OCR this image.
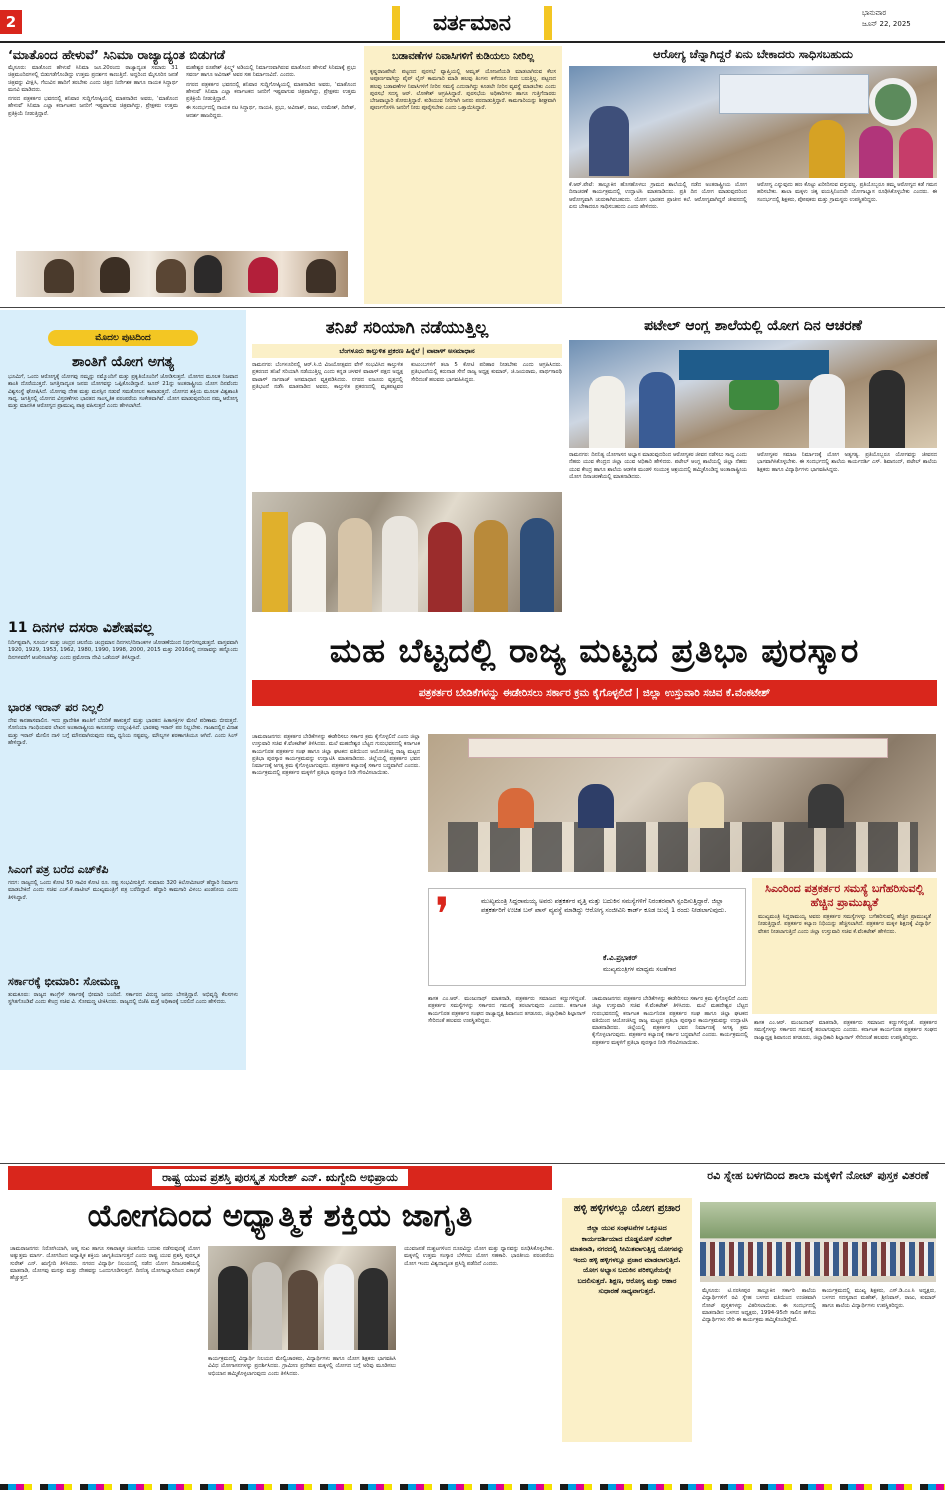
2	ವರ್ತಮಾನ	ಭಾನುವಾರ
ಜೂನ್ 22, 2025
‘ಮಾತೊಂದ ಹೇಳುವೆ’ ಸಿನಿಮಾ ರಾಜ್ಯಾದ್ಯಂತ ಬಿಡುಗಡೆ

ಮೈಸೂರು: ಮಾತೊಂದ ಹೇಳುವೆ ಸಿನಿಮಾ ಜೂ.20ರಂದು ರಾಜ್ಯಾದ್ಯಂತ ಸಮಾರು 31 ಚಿತ್ರಮಂದಿರಗಳಲ್ಲಿ ಬಿಡುಗಡೆಗೊಂಡಿದ್ದು ಉತ್ತಮ ಪ್ರದರ್ಶನ ಕಾಣುತ್ತಿದೆ. ಅದ್ದರಿಂದ ಮೈಸೂರಿನ ಜನತೆ ಚಿತ್ರವನ್ನು ವೀಕ್ಷಿಸಿ, ಗೆಲುವಿನ ಹಾದಿಗೆ ತರಬೇಕು ಎಂದು ಚಿತ್ರದ ನಿರ್ದೇಶಕ ಹಾಗೂ ನಾಯಕ ಸಿದ್ಧಾರ್ಥ ಮನವಿ ಮಾಡಿದರು.

ನಗರದ ಪತ್ರಕರ್ತರ ಭವನದಲ್ಲಿ ಶನಿವಾರ ಸುದ್ದಿಗೋಷ್ಠಿಯಲ್ಲಿ ಮಾತನಾಡಿದ ಅವರು, ‘ಮಾತೊಂದ ಹೇಳುವೆ’ ಸಿನಿಮಾ ಎಲ್ಲಾ ಕರ್ನಾಟಕದ ಜನರಿಗೆ ಇಷ್ಟವಾಗುವ ಚಿತ್ರವಾಗಿದ್ದು, ಪ್ರೇಕ್ಷಕರು ಉತ್ತಮ ಪ್ರತಿಕ್ರಿಯೆ ನೀಡುತ್ತಿದ್ದಾರೆ.

ಮಹೇಶ್ವರ ರೂಪೇಶ್ ಫಿಲ್ಮ್ಸ್ ಅಡಿಯಲ್ಲಿ ನಿರ್ಮಾಣವಾಗಿರುವ ಮಾತೊಂದ ಹೇಳುವೆ ಸಿನಿಮಾಕ್ಕೆ ಪ್ರಭು ಸವರ್ಣ ಹಾಗೂ ಅವಿನಾಶ್ ಅವರ ಸಹ ನಿರ್ಮಾಣವಿದೆ. ಎಂದರು.

ನಗರದ ಪತ್ರಕರ್ತರ ಭವನದಲ್ಲಿ ಶನಿವಾರ ಸುದ್ದಿಗೋಷ್ಠಿಯಲ್ಲಿ ಮಾತನಾಡಿದ ಅವರು, ‘ಮಾತೊಂದ ಹೇಳುವೆ’ ಸಿನಿಮಾ ಎಲ್ಲಾ ಕರ್ನಾಟಕದ ಜನರಿಗೆ ಇಷ್ಟವಾಗುವ ಚಿತ್ರವಾಗಿದ್ದು, ಪ್ರೇಕ್ಷಕರು ಉತ್ತಮ ಪ್ರತಿಕ್ರಿಯೆ ನೀಡುತ್ತಿದ್ದಾರೆ.

ಈ ಸಂದರ್ಭದಲ್ಲಿ ನಾಯಕ ನಟ ಸಿದ್ಧಾರ್ಥ, ನಾಯಕಿ, ಪ್ರಭು, ಅವಿನಾಶ್, ರಾಜು, ಉಮೇಶ್, ದಿನೇಶ್, ಆದರ್ಶ ಹಾಜರಿದ್ದರು.

ಬಡಾವಣೆಗಳ ನಿವಾಸಿಗಳಿಗೆ ಕುಡಿಯಲು ನೀರಿಲ್ಲ
ಕೃಷ್ಣರಾಜಪೇಟೆ: ಪಟ್ಟಣದ ಪುರಸಭೆ ವ್ಯಾಪ್ತಿಯಲ್ಲಿ ಅಮೃತ್ ಯೋಜನೆಯಡಿ ಮಾಡಲಾಗಿರುವ ಕೆಲಸ ಅಪೂರ್ಣವಾಗಿದ್ದು ಪೈಪ್ ಲೈನ್ ಕಾಮಗಾರಿ ಮಾಡಿ ಹಲವು ತಿಂಗಳು ಕಳೆದರೂ ನೀರು ಬರುತ್ತಿಲ್ಲ. ಪಟ್ಟಣದ ಹಲವು ಬಡಾವಣೆಗಳ ನಿವಾಸಿಗಳಿಗೆ ನೀರಿನ ಸಮಸ್ಯೆ ಎದುರಾಗಿದ್ದು ಕೂಡಲೇ ನೀರಿನ ವ್ಯವಸ್ಥೆ ಮಾಡಬೇಕು ಎಂದು ಪುರಸಭೆ ಸದಸ್ಯ ಆರ್. ಲೋಕೇಶ್ ಆಗ್ರಹಿಸಿದ್ದಾರೆ. ಪುರಸಭೆಯ ಅಧಿಕಾರಿಗಳು ಹಾಗೂ ಗುತ್ತಿಗೆದಾರರು ಬೇಜವಾಬ್ದಾರಿ ತೋರುತ್ತಿದ್ದಾರೆ. ಕುಡಿಯುವ ನೀರಿಗಾಗಿ ಜನರು ಪರದಾಡುತ್ತಿದ್ದಾರೆ. ಕಾಮಗಾರಿಯನ್ನು ಶೀಘ್ರವಾಗಿ ಪೂರ್ಣಗೊಳಿಸಿ ಜನರಿಗೆ ನೀರು ಪೂರೈಸಬೇಕು ಎಂದು ಒತ್ತಾಯಿಸಿದ್ದಾರೆ.
ಆರೋಗ್ಯ ಚೆನ್ನಾಗಿದ್ದರೆ ಏನು ಬೇಕಾದರು ಸಾಧಿಸಬಹುದು
ಕೆ.ಆರ್.ಪೇಟೆ: ತಾಲ್ಲೂಕಿನ ಹೊಸಹೊಳಲು ಗ್ರಾಮದ ಶಾಲೆಯಲ್ಲಿ ನಡೆದ ಅಂತರಾಷ್ಟ್ರೀಯ ಯೋಗ ದಿನಾಚರಣೆ ಕಾರ್ಯಕ್ರಮದಲ್ಲಿ ಉದ್ಘಾಟಿಸಿ ಮಾತನಾಡಿದರು. ಪ್ರತಿ ದಿನ ಯೋಗ ಮಾಡುವುದರಿಂದ ಆರೋಗ್ಯವಾಗಿ ಚುರುಕಾಗಿರಬಹುದು. ಯೋಗ ಭಾರತದ ಪ್ರಾಚೀನ ಕಲೆ. ಆರೋಗ್ಯವಾಗಿದ್ದರೆ ಜೀವನದಲ್ಲಿ ಏನು ಬೇಕಾದರೂ ಸಾಧಿಸಬಹುದು ಎಂದು ಹೇಳಿದರು.
ಆರೋಗ್ಯ ಎನ್ನುವುದು ಹಣ ಕೊಟ್ಟು ಖರೀದಿಸುವ ವಸ್ತುವಲ್ಲ. ಪ್ರತಿಯೊಬ್ಬರೂ ತಮ್ಮ ಆರೋಗ್ಯದ ಕಡೆ ಗಮನ ಹರಿಸಬೇಕು. ಶಾಲಾ ಮಕ್ಕಳು ಚಿಕ್ಕ ವಯಸ್ಸಿನಿಂದಲೇ ಯೋಗಾಭ್ಯಾಸ ರೂಢಿಸಿಕೊಳ್ಳಬೇಕು ಎಂದರು. ಈ ಸಂದರ್ಭದಲ್ಲಿ ಶಿಕ್ಷಕರು, ಪೋಷಕರು ಮತ್ತು ಗ್ರಾಮಸ್ಥರು ಉಪಸ್ಥಿತರಿದ್ದರು.
ಮೊದಲ ಪುಟದಿಂದ
ಶಾಂತಿಗೆ ಯೋಗ ಅಗತ್ಯ
ಭೂಮಿಗೆ, ಒಂದು ಆರೋಗ್ಯಕ್ಕೆ ಯೋಗವು ನಮ್ಮನ್ನು ನಮ್ಮೊಂದಿಗೆ ಮತ್ತು ಪ್ರಕೃತಿಯೊಂದಿಗೆ ಜೋಡಿಸುತ್ತದೆ. ಯೋಗದ ಮೂಲಕ ನಿಜವಾದ ಶಾಂತಿ ದೊರೆಯುತ್ತದೆ. ಜಗತ್ತಿನಾದ್ಯಂತ ಜನರು ಯೋಗವನ್ನು ಒಪ್ಪಿಕೊಂಡಿದ್ದಾರೆ. ಜೂನ್ 21ನ್ನು ಅಂತರಾಷ್ಟ್ರೀಯ ಯೋಗ ದಿನವೆಂದು ವಿಶ್ವಸಂಸ್ಥೆ ಘೋಷಿಸಿದೆ. ಯೋಗವು ದೇಹ ಮತ್ತು ಮನಸ್ಸಿನ ನಡುವೆ ಸಮತೋಲನ ಕಾಪಾಡುತ್ತದೆ. ಯೋಗದ ಶಕ್ತಿಯ ಮೂಲಕ ವಿಶ್ವಶಾಂತಿ ಸಾಧ್ಯ. ಜಗತ್ತಿನಲ್ಲಿ ಯೋಗದ ವಿಸ್ತರಣೆಗಳು ಭಾರತದ ಸಾಂಸ್ಕೃತಿಕ ಪರಂಪರೆಯ ಸಂಕೇತವಾಗಿವೆ. ಯೋಗ ಮಾಡುವುದರಿಂದ ನಮ್ಮ ಆರೋಗ್ಯ ಮತ್ತು ಮಾನಸಿಕ ಆರೋಗ್ಯದ ಪ್ರಾಮುಖ್ಯ ಪಾತ್ರ ವಹಿಸುತ್ತದೆ ಎಂದು ಹೇಳಲಾಗಿದೆ.
11 ದಿನಗಳ ದಸರಾ ವಿಶೇಷವಲ್ಲ
ನಿರ್ದಿಷ್ಟವಾಗಿ, ಸೂರ್ಯ ಮತ್ತು ಚಂದ್ರನ ಚಲನೆಯ ಚಂದ್ರಮಾನ ದಿನಗಳು/ದಿನಾಂಕಗಳ ಜೋಡಣೆಯಿಂದ ನಿರ್ಧರಿಸಲ್ಪಡುತ್ತದೆ. ವಾಸ್ತವವಾಗಿ 1920, 1929, 1953, 1962, 1980, 1990, 1998, 2000, 2015 ಮತ್ತು 2016ರಲ್ಲಿ ದಸರಾವನ್ನು ಹನ್ನೊಂದು ದಿನಗಳವರೆಗೆ ಆಚರಿಸಲಾಗಿತ್ತು ಎಂದು ಪ್ರಮೋದಾ ದೇವಿ ಒಡೆಯರ್ ತಿಳಿಸಿದ್ದಾರೆ.
ಭಾರತ ಇರಾನ್ ಪರ ನಿಲ್ಲಲಿ
ದೇವ ಕಾನಹಾಸವಾಲಿನ. ಇದು ಪ್ರಾದೇಶಿಕ ಶಾಂತಿಗೆ ಬೆದರಿಕೆ ಹಾಕುತ್ತದೆ ಮತ್ತು ಭಾರತದ ಹಿತಾಸಕ್ತಿಗಳ ಮೇಲೆ ಪರಿಣಾಮ ಬೀರುತ್ತದೆ. ಸೋನಿಯಾ ಗಾಂಧಿಯವರ ಲೇಖನ ಅಂತಾರಾಷ್ಟ್ರೀಯ ಕಾನೂನನ್ನು ಉಲ್ಲಂಘಿಸಿದೆ. ಭಾರತವು ಇರಾನ್ ಪರ ನಿಲ್ಲಬೇಕು. ಗಾಜಾದಲ್ಲಿನ ವಿನಾಶ ಮತ್ತು ಇರಾನ್ ಮೇಲಿನ ದಾಳಿ ಬಗ್ಗೆ ಮೌನವಾಗಿರುವುದು ನಮ್ಮ ಧ್ವನಿಯ ನಷ್ಟವಲ್ಲ, ಮೌಲ್ಯಗಳ ಶರಣಾಗತಿಯೂ ಆಗಿದೆ. ಎಂದು ಸಿಂಗ್ ಹೇಳಿದ್ದಾರೆ.
ಸಿಎಂಗೆ ಪತ್ರ ಬರೆದ ಎಚ್‌ಕೆಪಿ
ಗದಗ: ರಾಜ್ಯದಲ್ಲಿ ಒಂದು ಕೋಟಿ 50 ಸಾವಿರ ಕೋಟಿ ರೂ. ನಷ್ಟ ಸಂಭವಿಸುತ್ತಿದೆ. ಸುಮಾರು 320 ಕಿಲೋಮೀಟರ್ ಹೆದ್ದಾರಿ ನಿರ್ಮಾಣ ಮಾಡಬೇಕಿದೆ ಎಂದು ಸಚಿವ ಎಚ್.ಕೆ.ಪಾಟೀಲ್ ಮುಖ್ಯಮಂತ್ರಿಗೆ ಪತ್ರ ಬರೆದಿದ್ದಾರೆ. ಹೆದ್ದಾರಿ ಕಾಮಗಾರಿ ವಿಳಂಬ ಖಂಡನೀಯ ಎಂದು ತಿಳಿಸಿದ್ದಾರೆ.
ಸರ್ಕಾರಕ್ಕೆ ಭೀಮಾರಿ: ಸೋಮಣ್ಣ
ತುಮಕೂರು: ರಾಜ್ಯದ ಕಾಂಗ್ರೆಸ್ ಸರ್ಕಾರಕ್ಕೆ ಭೀಮಾರಿ ಬಂದಿದೆ. ಸರ್ಕಾರದ ವಿರುದ್ಧ ಜನರು ಬೇಸತ್ತಿದ್ದಾರೆ. ಅಭಿವೃದ್ಧಿ ಕೆಲಸಗಳು ಸ್ಥಗಿತಗೊಂಡಿವೆ ಎಂದು ಕೇಂದ್ರ ಸಚಿವ ವಿ. ಸೋಮಣ್ಣ ಟೀಕಿಸಿದರು. ರಾಜ್ಯದಲ್ಲಿ ಬಿಜೆಪಿ ಮತ್ತೆ ಅಧಿಕಾರಕ್ಕೆ ಬರಲಿದೆ ಎಂದು ಹೇಳಿದರು.
ತನಿಖೆ ಸರಿಯಾಗಿ ನಡೆಯುತ್ತಿಲ್ಲ
ಬೆಂಗಳೂರು ಕಾಲ್ತುಳಿತ ಪ್ರಕರಣ ಹಿನ್ನೆಲೆ | ವಾಟಾಳ್ ಅಸಮಾಧಾನ
ರಾಮನಗರ: ಬೆಂಗಳೂರಿನಲ್ಲಿ ಆರ್.ಸಿ.ಬಿ ವಿಜಯೋತ್ಸವದ ವೇಳೆ ಸಂಭವಿಸಿದ ಕಾಲ್ತುಳಿತ ಪ್ರಕರಣದ ತನಿಖೆ ಸರಿಯಾಗಿ ನಡೆಯುತ್ತಿಲ್ಲ ಎಂದು ಕನ್ನಡ ಚಳವಳಿ ವಾಟಾಳ್ ಪಕ್ಷದ ಅಧ್ಯಕ್ಷ ವಾಟಾಳ್ ನಾಗರಾಜ್ ಅಸಮಾಧಾನ ವ್ಯಕ್ತಪಡಿಸಿದರು. ನಗರದ ಐಜೂರು ವೃತ್ತದಲ್ಲಿ ಪ್ರತಿಭಟನೆ ನಡೆಸಿ ಮಾತನಾಡಿದ ಅವರು, ಕಾಲ್ತುಳಿತ ಪ್ರಕರಣದಲ್ಲಿ ಮೃತಪಟ್ಟವರ ಕುಟುಂಬಗಳಿಗೆ ತಲಾ 5 ಕೋಟಿ ಪರಿಹಾರ ನೀಡಬೇಕು ಎಂದು ಆಗ್ರಹಿಸಿದರು. ಪ್ರತಿಭಟನೆಯಲ್ಲಿ ಕರುನಾಡ ಸೇನೆ ರಾಜ್ಯ ಅಧ್ಯಕ್ಷ ಕುಮಾರ್, ಜಿ.ಜಯರಾಮ, ಪಾರ್ಥಸಾರಥಿ ಸೇರಿದಂತೆ ಹಲವರು ಭಾಗವಹಿಸಿದ್ದರು.
ಪಟೇಲ್ ಆಂಗ್ಲ ಶಾಲೆಯಲ್ಲಿ ಯೋಗ ದಿನ ಆಚರಣೆ
ರಾಮನಗರ: ದಿನನಿತ್ಯ ಯೋಗಾಸನ ಅಭ್ಯಾಸ ಮಾಡುವುದರಿಂದ ಆರೋಗ್ಯಕರ ಜೀವನ ನಡೆಸಲು ಸಾಧ್ಯ ಎಂದು ನೆಹರು ಯುವ ಕೇಂದ್ರದ ಜಿಲ್ಲಾ ಯುವ ಅಧಿಕಾರಿ ಹೇಳಿದರು. ಪಟೇಲ್ ಆಂಗ್ಲ ಶಾಲೆಯಲ್ಲಿ ಜಿಲ್ಲಾ ನೆಹರು ಯುವ ಕೇಂದ್ರ ಹಾಗೂ ಶಾಲೆಯ ಆಡಳಿತ ಮಂಡಳಿ ಸಂಯುಕ್ತ ಆಶ್ರಯದಲ್ಲಿ ಹಮ್ಮಿಕೊಂಡಿದ್ದ ಅಂತಾರಾಷ್ಟ್ರೀಯ ಯೋಗ ದಿನಾಚರಣೆಯಲ್ಲಿ ಮಾತನಾಡಿದರು.
ಆರೋಗ್ಯಕರ ಸಮಾಜ ನಿರ್ಮಾಣಕ್ಕೆ ಯೋಗ ಅತ್ಯಗತ್ಯ. ಪ್ರತಿಯೊಬ್ಬರೂ ಯೋಗವನ್ನು ಜೀವನದ ಭಾಗವಾಗಿಸಿಕೊಳ್ಳಬೇಕು. ಈ ಸಂದರ್ಭದಲ್ಲಿ ಶಾಲೆಯ ಕಾರ್ಯದರ್ಶಿ ಎಸ್. ಶಿವಾನಂದ್, ಪಟೇಲ್ ಶಾಲೆಯ ಶಿಕ್ಷಕರು ಹಾಗೂ ವಿದ್ಯಾರ್ಥಿಗಳು ಭಾಗವಹಿಸಿದ್ದರು.
ಮಹ ಬೆಟ್ಟದಲ್ಲಿ ರಾಜ್ಯ ಮಟ್ಟದ ಪ್ರತಿಭಾ ಪುರಸ್ಕಾರ
ಪತ್ರಕರ್ತರ ಬೇಡಿಕೆಗಳನ್ನು ಈಡೇರಿಸಲು ಸರ್ಕಾರ ಕ್ರಮ ಕೈಗೊಳ್ಳಲಿದೆ | ಜಿಲ್ಲಾ ಉಸ್ತುವಾರಿ ಸಚಿವ ಕೆ.ವೆಂಕಟೇಶ್
ಚಾಮರಾಜನಗರ: ಪತ್ರಕರ್ತರ ಬೇಡಿಕೆಗಳನ್ನು ಈಡೇರಿಸಲು ಸರ್ಕಾರ ಕ್ರಮ ಕೈಗೊಳ್ಳಲಿದೆ ಎಂದು ಜಿಲ್ಲಾ ಉಸ್ತುವಾರಿ ಸಚಿವ ಕೆ.ವೆಂಕಟೇಶ್ ತಿಳಿಸಿದರು. ಮಲೆ ಮಹದೇಶ್ವರ ಬೆಟ್ಟದ ಗುರುಭವನದಲ್ಲಿ ಕರ್ನಾಟಕ ಕಾರ್ಯನಿರತ ಪತ್ರಕರ್ತರ ಸಂಘ ಹಾಗೂ ಜಿಲ್ಲಾ ಘಟಕದ ವತಿಯಿಂದ ಆಯೋಜಿಸಿದ್ದ ರಾಜ್ಯ ಮಟ್ಟದ ಪ್ರತಿಭಾ ಪುರಸ್ಕಾರ ಕಾರ್ಯಕ್ರಮವನ್ನು ಉದ್ಘಾಟಿಸಿ ಮಾತನಾಡಿದರು. ಜಿಲ್ಲೆಯಲ್ಲಿ ಪತ್ರಕರ್ತರ ಭವನ ನಿರ್ಮಾಣಕ್ಕೆ ಅಗತ್ಯ ಕ್ರಮ ಕೈಗೊಳ್ಳಲಾಗುವುದು. ಪತ್ರಕರ್ತರ ಕಲ್ಯಾಣಕ್ಕೆ ಸರ್ಕಾರ ಬದ್ಧವಾಗಿದೆ ಎಂದರು. ಕಾರ್ಯಕ್ರಮದಲ್ಲಿ ಪತ್ರಕರ್ತರ ಮಕ್ಕಳಿಗೆ ಪ್ರತಿಭಾ ಪುರಸ್ಕಾರ ನೀಡಿ ಗೌರವಿಸಲಾಯಿತು.
ಸಿಎಂರಿಂದ ಪತ್ರಕರ್ತರ ಸಮಸ್ಯೆ ಬಗೆಹರಿಸುವಲ್ಲಿ ಹೆಚ್ಚಿನ ಪ್ರಾಮುಖ್ಯತೆ
ಮುಖ್ಯಮಂತ್ರಿ ಸಿದ್ದರಾಮಯ್ಯ ಅವರು ಪತ್ರಕರ್ತರ ಸಮಸ್ಯೆಗಳನ್ನು ಬಗೆಹರಿಸುವಲ್ಲಿ ಹೆಚ್ಚಿನ ಪ್ರಾಮುಖ್ಯತೆ ನೀಡುತ್ತಿದ್ದಾರೆ. ಪತ್ರಕರ್ತರ ಕಲ್ಯಾಣ ನಿಧಿಯನ್ನು ಹೆಚ್ಚಿಸಲಾಗಿದೆ. ಪತ್ರಕರ್ತರ ಮಕ್ಕಳ ಶಿಕ್ಷಣಕ್ಕೆ ವಿದ್ಯಾರ್ಥಿ ವೇತನ ನೀಡಲಾಗುತ್ತಿದೆ ಎಂದು ಜಿಲ್ಲಾ ಉಸ್ತುವಾರಿ ಸಚಿವ ಕೆ.ವೆಂಕಟೇಶ್ ಹೇಳಿದರು.
❜	ಮುಖ್ಯಮಂತ್ರಿ ಸಿದ್ದರಾಮಯ್ಯ ಅವರು ಪತ್ರಕರ್ತರ ವೃತ್ತಿ ಮತ್ತು ಬದುಕಿನ ಸಮಸ್ಯೆಗಳಿಗೆ ನಿರಂತರವಾಗಿ ಸ್ಪಂದಿಸುತ್ತಿದ್ದಾರೆ. ಜಿಲ್ಲಾ ಪತ್ರಕರ್ತರಿಗೆ ಉಚಿತ ಬಸ್ ಪಾಸ್ ವ್ಯವಸ್ಥೆ ಮಾಡಿದ್ದು ಆರೋಗ್ಯ ಸಂಜೀವಿನಿ ಕಾರ್ಡ್ ಕೂಡ ಜುಲೈ 1 ರಂದು ನೀಡಲಾಗುವುದು.
ಕೆ.ವಿ.ಪ್ರಭಾಕರ್
ಮುಖ್ಯಮಂತ್ರಿಗಳ ಮಾಧ್ಯಮ ಸಲಹೆಗಾರ
ಶಾಸಕ ಎಂ.ಆರ್. ಮಂಜುನಾಥ್ ಮಾತನಾಡಿ, ಪತ್ರಕರ್ತರು ಸಮಾಜದ ಕಣ್ಣುಗಳಿದ್ದಂತೆ. ಪತ್ರಕರ್ತರ ಸಮಸ್ಯೆಗಳನ್ನು ಸರ್ಕಾರದ ಗಮನಕ್ಕೆ ತರಲಾಗುವುದು ಎಂದರು. ಕರ್ನಾಟಕ ಕಾರ್ಯನಿರತ ಪತ್ರಕರ್ತರ ಸಂಘದ ರಾಜ್ಯಾಧ್ಯಕ್ಷ ಶಿವಾನಂದ ತಗಡೂರು, ಜಿಲ್ಲಾಧಿಕಾರಿ ಶಿಲ್ಪಾನಾಗ್ ಸೇರಿದಂತೆ ಹಲವರು ಉಪಸ್ಥಿತರಿದ್ದರು.
ಚಾಮರಾಜನಗರ: ಪತ್ರಕರ್ತರ ಬೇಡಿಕೆಗಳನ್ನು ಈಡೇರಿಸಲು ಸರ್ಕಾರ ಕ್ರಮ ಕೈಗೊಳ್ಳಲಿದೆ ಎಂದು ಜಿಲ್ಲಾ ಉಸ್ತುವಾರಿ ಸಚಿವ ಕೆ.ವೆಂಕಟೇಶ್ ತಿಳಿಸಿದರು. ಮಲೆ ಮಹದೇಶ್ವರ ಬೆಟ್ಟದ ಗುರುಭವನದಲ್ಲಿ ಕರ್ನಾಟಕ ಕಾರ್ಯನಿರತ ಪತ್ರಕರ್ತರ ಸಂಘ ಹಾಗೂ ಜಿಲ್ಲಾ ಘಟಕದ ವತಿಯಿಂದ ಆಯೋಜಿಸಿದ್ದ ರಾಜ್ಯ ಮಟ್ಟದ ಪ್ರತಿಭಾ ಪುರಸ್ಕಾರ ಕಾರ್ಯಕ್ರಮವನ್ನು ಉದ್ಘಾಟಿಸಿ ಮಾತನಾಡಿದರು. ಜಿಲ್ಲೆಯಲ್ಲಿ ಪತ್ರಕರ್ತರ ಭವನ ನಿರ್ಮಾಣಕ್ಕೆ ಅಗತ್ಯ ಕ್ರಮ ಕೈಗೊಳ್ಳಲಾಗುವುದು. ಪತ್ರಕರ್ತರ ಕಲ್ಯಾಣಕ್ಕೆ ಸರ್ಕಾರ ಬದ್ಧವಾಗಿದೆ ಎಂದರು. ಕಾರ್ಯಕ್ರಮದಲ್ಲಿ ಪತ್ರಕರ್ತರ ಮಕ್ಕಳಿಗೆ ಪ್ರತಿಭಾ ಪುರಸ್ಕಾರ ನೀಡಿ ಗೌರವಿಸಲಾಯಿತು.
ಶಾಸಕ ಎಂ.ಆರ್. ಮಂಜುನಾಥ್ ಮಾತನಾಡಿ, ಪತ್ರಕರ್ತರು ಸಮಾಜದ ಕಣ್ಣುಗಳಿದ್ದಂತೆ. ಪತ್ರಕರ್ತರ ಸಮಸ್ಯೆಗಳನ್ನು ಸರ್ಕಾರದ ಗಮನಕ್ಕೆ ತರಲಾಗುವುದು ಎಂದರು. ಕರ್ನಾಟಕ ಕಾರ್ಯನಿರತ ಪತ್ರಕರ್ತರ ಸಂಘದ ರಾಜ್ಯಾಧ್ಯಕ್ಷ ಶಿವಾನಂದ ತಗಡೂರು, ಜಿಲ್ಲಾಧಿಕಾರಿ ಶಿಲ್ಪಾನಾಗ್ ಸೇರಿದಂತೆ ಹಲವರು ಉಪಸ್ಥಿತರಿದ್ದರು.
ರಾಷ್ಟ್ರ ಯುವ ಪ್ರಶಸ್ತಿ ಪುರಸ್ಕೃತ ಸುರೇಶ್ ಎನ್. ಋಗ್ವೇದಿ ಅಭಿಪ್ರಾಯ
ಯೋಗದಿಂದ ಅಧ್ಯಾತ್ಮಿಕ ಶಕ್ತಿಯ ಜಾಗೃತಿ
ಚಾಮರಾಜನಗರ: ನಿರೋಗಿಯಾಗಿ, ಆತ್ಮ ಸುಖ ಹಾಗೂ ಸಕಾರಾತ್ಮಕ ಚಿಂತನೆಯ ಬದುಕು ನಡೆಸುವುದಕ್ಕೆ ಯೋಗ ಅತ್ಯುತ್ತಮ ಮಾರ್ಗ. ಯೋಗದಿಂದ ಅಧ್ಯಾತ್ಮಿಕ ಶಕ್ತಿಯ ಜಾಗೃತಿಯಾಗುತ್ತದೆ ಎಂದು ರಾಷ್ಟ್ರ ಯುವ ಪ್ರಶಸ್ತಿ ಪುರಸ್ಕೃತ ಸುರೇಶ್ ಎನ್. ಋಗ್ವೇದಿ ತಿಳಿಸಿದರು. ನಗರದ ವಿದ್ಯಾರ್ಥಿ ನಿಲಯದಲ್ಲಿ ನಡೆದ ಯೋಗ ದಿನಾಚರಣೆಯಲ್ಲಿ ಮಾತನಾಡಿ, ಯೋಗವು ಮನಸ್ಸು ಮತ್ತು ದೇಹವನ್ನು ಒಂದುಗೂಡಿಸುತ್ತದೆ. ದಿನನಿತ್ಯ ಯೋಗಾಭ್ಯಾಸದಿಂದ ಏಕಾಗ್ರತೆ ಹೆಚ್ಚುತ್ತದೆ.
ಕಾರ್ಯಕ್ರಮದಲ್ಲಿ ವಿದ್ಯಾರ್ಥಿ ನಿಲಯದ ಮೇಲ್ವಿಚಾರಕರು, ವಿದ್ಯಾರ್ಥಿಗಳು ಹಾಗೂ ಯೋಗ ಶಿಕ್ಷಕರು ಭಾಗವಹಿಸಿ ವಿವಿಧ ಯೋಗಾಸನಗಳನ್ನು ಪ್ರದರ್ಶಿಸಿದರು. ಗ್ರಾಮೀಣ ಪ್ರದೇಶದ ಮಕ್ಕಳಲ್ಲಿ ಯೋಗದ ಬಗ್ಗೆ ಅರಿವು ಮೂಡಿಸಲು ಅಭಿಯಾನ ಹಮ್ಮಿಕೊಳ್ಳಲಾಗುವುದು ಎಂದು ತಿಳಿಸಿದರು.
ಯುವಜನತೆ ದುಶ್ಚಟಗಳಿಂದ ದೂರವಿದ್ದು ಯೋಗ ಮತ್ತು ಧ್ಯಾನವನ್ನು ರೂಢಿಸಿಕೊಳ್ಳಬೇಕು. ಮಕ್ಕಳಲ್ಲಿ ಉತ್ತಮ ಸಂಸ್ಕಾರ ಬೆಳೆಸಲು ಯೋಗ ಸಹಕಾರಿ. ಭಾರತೀಯ ಪರಂಪರೆಯ ಯೋಗ ಇಂದು ವಿಶ್ವದಾದ್ಯಂತ ಪ್ರಸಿದ್ಧಿ ಪಡೆದಿದೆ ಎಂದರು.
ಹಳ್ಳಿ ಹಳ್ಳಿಗಳಲ್ಲೂ ಯೋಗ ಪ್ರಚಾರ
ಜಿಲ್ಲಾ ಯುವ ಸಂಘಟನೆಗಳ ಒಕ್ಕೂಟದ ಕಾರ್ಯದರ್ಶಿಯಾದ ದೊಡ್ಡಮೋಳೆ ಸುರೇಶ್ ಮಾತನಾಡಿ, ನಗರದಲ್ಲಿ ಸೀಮಿತವಾಗುತ್ತಿದ್ದ ಯೋಗವನ್ನು ಇಂದು ಹಳ್ಳಿ ಹಳ್ಳಿಗಳಲ್ಲೂ ಪ್ರಚಾರ ಮಾಡಲಾಗುತ್ತಿದೆ. ಯೋಗ ಅಭ್ಯಾಸ ಬದುಕಿನ ಪರಿಕಲ್ಪನೆಯನ್ನೇ ಬದಲಿಸುತ್ತದೆ. ಶಿಕ್ಷಣ, ಆರೋಗ್ಯ ಮತ್ತು ಆಹಾರ ಸುಧಾರಣೆ ಸಾಧ್ಯವಾಗುತ್ತದೆ.
ರವಿ ಸ್ನೇಹ ಬಳಗದಿಂದ ಶಾಲಾ ಮಕ್ಕಳಿಗೆ ನೋಟ್ ಪುಸ್ತಕ ವಿತರಣೆ
ಮೈಸೂರು: ಟಿ.ನರಸೀಪುರ ತಾಲ್ಲೂಕಿನ ಸರ್ಕಾರಿ ಶಾಲೆಯ ವಿದ್ಯಾರ್ಥಿಗಳಿಗೆ ರವಿ ಸ್ನೇಹ ಬಳಗದ ವತಿಯಿಂದ ಉಚಿತವಾಗಿ ನೋಟ್ ಪುಸ್ತಕಗಳನ್ನು ವಿತರಿಸಲಾಯಿತು. ಈ ಸಂದರ್ಭದಲ್ಲಿ ಮಾತನಾಡಿದ ಬಳಗದ ಅಧ್ಯಕ್ಷರು, 1994-95ನೇ ಸಾಲಿನ ಹಳೆಯ ವಿದ್ಯಾರ್ಥಿಗಳು ಸೇರಿ ಈ ಕಾರ್ಯಕ್ರಮ ಹಮ್ಮಿಕೊಂಡಿದ್ದೇವೆ.
ಕಾರ್ಯಕ್ರಮದಲ್ಲಿ ಮುಖ್ಯ ಶಿಕ್ಷಕರು, ಎಸ್.ಡಿ.ಎಂ.ಸಿ ಅಧ್ಯಕ್ಷರು, ಬಳಗದ ಸದಸ್ಯರಾದ ಮಹೇಶ್, ಶ್ರೀನಿವಾಸ್, ರಾಜು, ಕುಮಾರ್ ಹಾಗೂ ಶಾಲೆಯ ವಿದ್ಯಾರ್ಥಿಗಳು ಉಪಸ್ಥಿತರಿದ್ದರು.
